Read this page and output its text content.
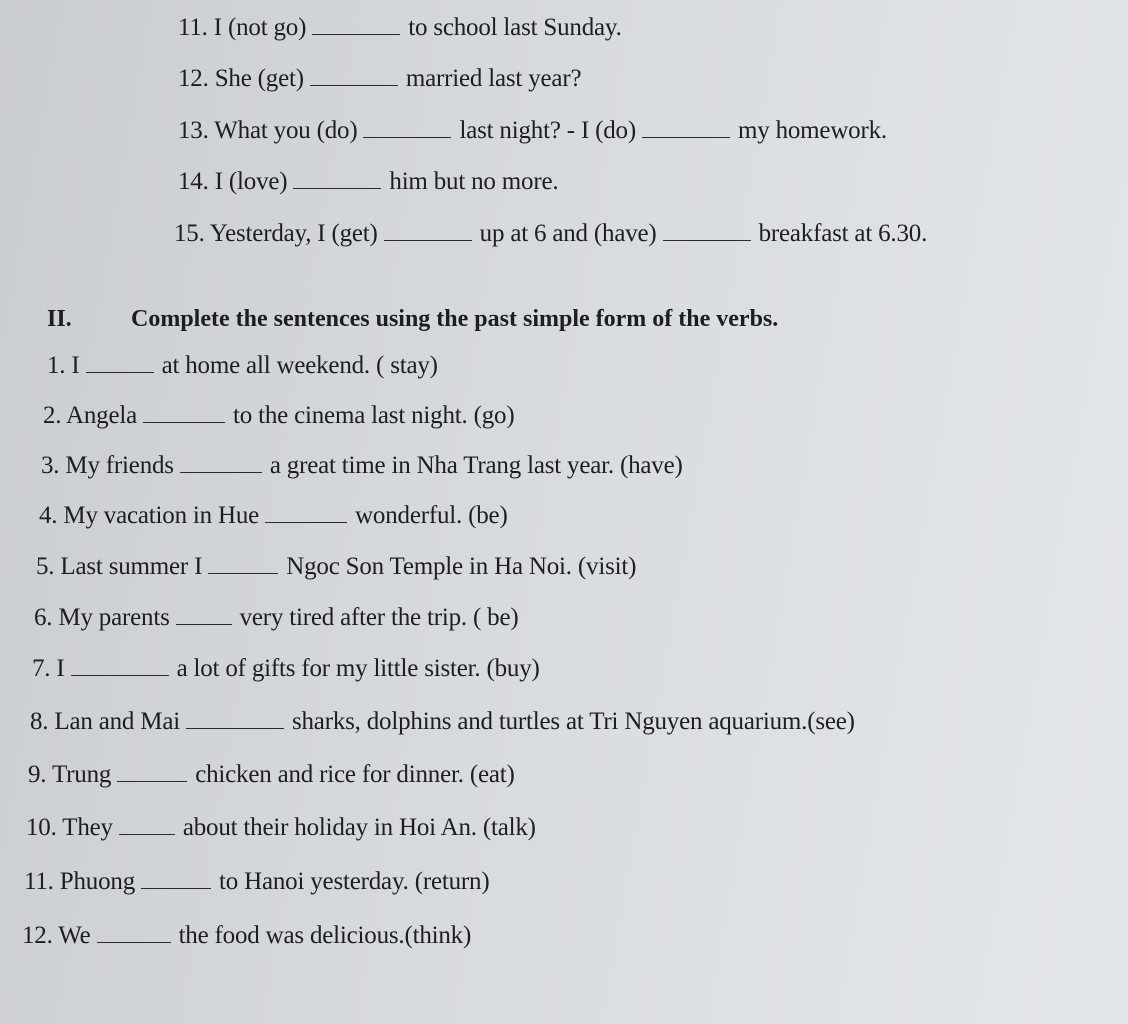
11. I (not go)	to school last Sunday.
12. She (get)	married last year?
13. What you (do)	last night? - I (do)	my homework.
14. I (love)	him but no more.
15. Yesterday, I (get)	up at 6 and (have)	breakfast at 6.30.
II. Complete the sentences using the past simple form of the verbs.
1. I	at home all weekend. ( stay)
2. Angela	to the cinema last night. (go)
3. My friends	a great time in Nha Trang last year. (have)
4. My vacation in Hue	wonderful. (be)
5. Last summer I	Ngoc Son Temple in Ha Noi. (visit)
6. My parents	very tired after the trip. ( be)
7. I	a lot of gifts for my little sister. (buy)
8. Lan and Mai	sharks, dolphins and turtles at Tri Nguyen aquarium.(see)
9. Trung	chicken and rice for dinner. (eat)
10. They	about their holiday in Hoi An. (talk)
11. Phuong	to Hanoi yesterday. (return)
12. We	the food was delicious.(think)
